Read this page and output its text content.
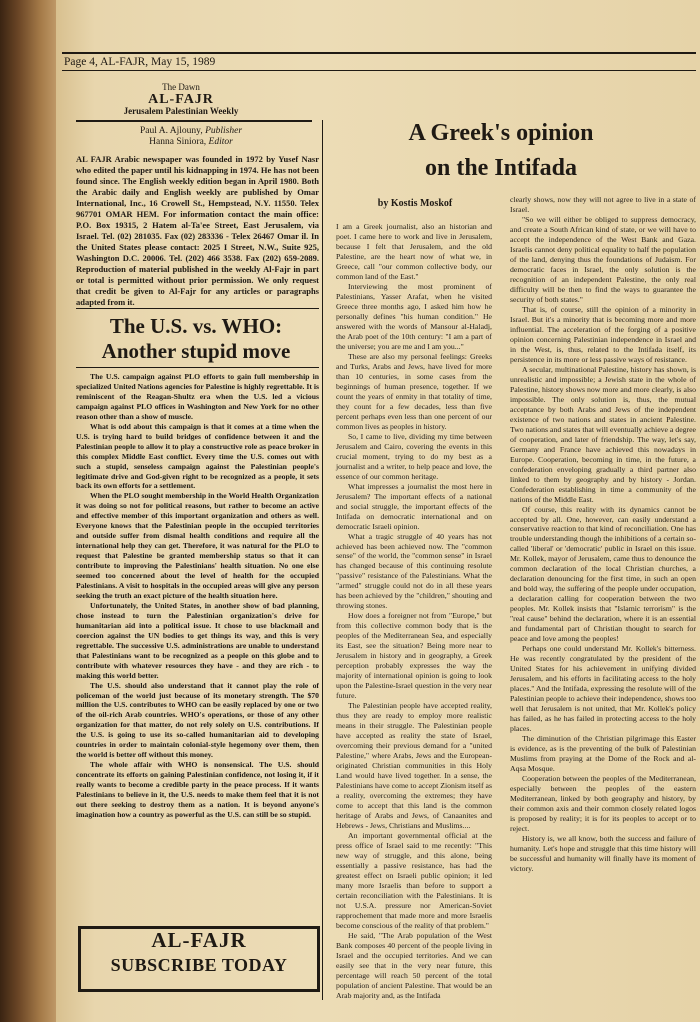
Page 4, AL-FAJR, May 15, 1989
The Dawn
AL-FAJR
Jerusalem Palestinian Weekly
Paul A. Ajlouny, Publisher
Hanna Siniora, Editor
AL FAJR Arabic newspaper was founded in 1972 by Yusef Nasr who edited the paper until his kidnapping in 1974. He has not been found since. The English weekly edition began in April 1980. Both the Arabic daily and English weekly are published by Omar International, Inc., 16 Crowell St., Hempstead, N.Y. 11550. Telex 967701 OMAR HEM. For information contact the main office: P.O. Box 19315, 2 Hatem al-Ta'ee Street, East Jerusalem, via Israel. Tel. (02) 281035. Fax (02) 283336 - Telex 26467 Omar il. In the United States please contact: 2025 I Street, N.W., Suite 925, Washington D.C. 20006. Tel. (202) 466 3538. Fax (202) 659-2089. Reproduction of material published in the weekly Al-Fajr in part or total is permitted without prior permission. We only request that credit be given to Al-Fajr for any articles or paragraphs adapted from it.
The U.S. vs. WHO:
Another stupid move

The U.S. campaign against PLO efforts to gain full membership in specialized United Nations agencies for Palestine is highly regrettable. It is reminiscent of the Reagan-Shultz era when the U.S. led a vicious campaign against PLO offices in Washington and New York for no other reason other than a show of muscle.

What is odd about this campaign is that it comes at a time when the U.S. is trying hard to build bridges of confidence between it and the Palestinian people to allow it to play a constructive role as peace broker in this complex Middle East conflict. Every time the U.S. comes out with such a stupid, senseless campaign against the Palestinian people's legitimate drive and God-given right to be recognized as a people, it sets back its own efforts for a settlement.

When the PLO sought membership in the World Health Organization it was doing so not for political reasons, but rather to become an active and effective member of this important organization and others as well. Everyone knows that the Palestinian people in the occupied territories and outside suffer from dismal health conditions and require all the international help they can get. Therefore, it was natural for the PLO to request that Palestine be granted membership status so that it can contribute to improving the Palestinians' health situation. No one else seemed too concerned about the level of health for the occupied Palestinians. A visit to hospitals in the occupied areas will give any person seeking the truth an exact picture of the health situation here.

Unfortunately, the United States, in another show of bad planning, chose instead to turn the Palestinian organization's drive for humanitarian aid into a political issue. It chose to use blackmail and coercion against the UN bodies to get things its way, and this is very regrettable. The successive U.S. administrations are unable to understand that Palestinians want to be recognized as a people on this globe and to contribute with whatever resources they have - and they are rich - to making this world better.

The U.S. should also understand that it cannot play the role of policeman of the world just because of its monetary strength. The $70 million the U.S. contributes to WHO can be easily replaced by one or two of the oil-rich Arab countries. WHO's operations, or those of any other organization for that matter, do not rely solely on U.S. contributions. If the U.S. is going to use its so-called humanitarian aid to developing countries in order to maintain colonial-style hegemony over them, then the world is better off without this money.

The whole affair with WHO is nonsensical. The U.S. should concentrate its efforts on gaining Palestinian confidence, not losing it, if it really wants to become a credible party in the peace process. If it wants Palestinians to believe in it, the U.S. needs to make them feel that it is not out there seeking to destroy them as a nation. It is beyond anyone's imagination how a country as powerful as the U.S. can still be so stupid.

AL-FAJR
SUBSCRIBE TODAY
A Greek's opinion
on the Intifada
by Kostis Moskof

I am a Greek journalist, also an historian and poet. I came here to work and live in Jerusalem, because I felt that Jerusalem, and the old Palestine, are the heart now of what we, in Greece, call "our common collective body, our common land of the East."

Interviewing the most prominent of Palestinians, Yasser Arafat, when he visited Greece three months ago, I asked him how he personally defines "his human condition." He answered with the words of Mansour al-Haladj, the Arab poet of the 10th century: "I am a part of the universe; you are me and I am you..."

These are also my personal feelings: Greeks and Turks, Arabs and Jews, have lived for more than 10 centuries, in some cases from the beginnings of human presence, together. If we count the years of enmity in that totality of time, they count for a few decades, less than five percent perhaps even less than one percent of our common lives as peoples in history.

So, I came to live, dividing my time between Jerusalem and Cairo, covering the events in this crucial moment, trying to do my best as a journalist and a writer, to help peace and love, the essence of our common heritage.

What impresses a journalist the most here in Jerusalem? The important effects of a national and social struggle, the important effects of the Intifada on democratic international and on democratic Israeli opinion.

What a tragic struggle of 40 years has not achieved has been achieved now. The "common sense" of the world, the "common sense" in Israel has changed because of this continuing resolute "passive" resistance of the Palestinians. What the "armed" struggle could not do in all these years has been achieved by the "children," shouting and throwing stones.

How does a foreigner not from "Europe," but from this collective common body that is the peoples of the Mediterranean Sea, and especially its East, see the situation? Being more near to Jerusalem in history and in geography, a Greek perception probably expresses the way the majority of international opinion is going to look upon the Palestine-Israel question in the very near future.

The Palestinian people have accepted reality, thus they are ready to employ more realistic means in their struggle. The Palestinian people have accepted as reality the state of Israel, overcoming their previous demand for a "united Palestine," where Arabs, Jews and the European-originated Christian communities in this Holy Land would have lived together. In a sense, the Palestinians have come to accept Zionism itself as a reality, overcoming the extremes; they have come to accept that this land is the common heritage of Arabs and Jews, of Canaanites and Hebrews - Jews, Christians and Muslims....

An important governmental official at the press office of Israel said to me recently: "This new way of struggle, and this alone, being essentially a passive resistance, has had the greatest effect on Israeli public opinion; it led many more Israelis than before to support a certain reconciliation with the Palestinians. It is not U.S.A. pressure nor American-Soviet rapprochement that made more and more Israelis become conscious of the reality of that problem."

He said, "The Arab population of the West Bank composes 40 percent of the people living in Israel and the occupied territories. And we can easily see that in the very near future, this percentage will reach 50 percent of the total population of ancient Palestine. That would be an Arab majority and, as the Intifada

clearly shows, now they will not agree to live in a state of Israel.

"So we will either be obliged to suppress democracy, and create a South African kind of state, or we will have to accept the independence of the West Bank and Gaza. Israelis cannot deny political equality to half the population of the land, denying thus the foundations of Judaism. For democratic faces in Israel, the only solution is the recognition of an independent Palestine, the only real difficulty will be then to find the ways to guarantee the security of both states."

That is, of course, still the opinion of a minority in Israel. But it's a minority that is becoming more and more influential. The acceleration of the forging of a positive opinion concerning Palestinian independence in Israel and in the West, is, thus, related to the Intifada itself, its persistence in its more or less passive ways of resistance.

A secular, multinational Palestine, history has shown, is unrealistic and impossible; a Jewish state in the whole of Palestine, history shows now more and more clearly, is also impossible. The only solution is, thus, the mutual acceptance by both Arabs and Jews of the independent existence of two nations and states in ancient Palestine. Two nations and states that will eventually achieve a degree of cooperation, and later of friendship. The way, let's say, Germany and France have achieved this nowadays in Europe. Cooperation, becoming in time, in the future, a confederation enveloping gradually a third partner also linked to them by geography and by history - Jordan. Confederation establishing in time a community of the nations of the Middle East.

Of course, this reality with its dynamics cannot be accepted by all. One, however, can easily understand a conservative reaction to that kind of reconciliation. One has trouble understanding though the inhibitions of a certain so-called 'liberal' or 'democratic' public in Israel on this issue. Mr. Kollek, mayor of Jerusalem, came thus to denounce the common declaration of the local Christian churches, a declaration denouncing for the first time, in such an open and bold way, the suffering of the people under occupation, a declaration calling for cooperation between the two peoples. Mr. Kollek insists that "Islamic terrorism" is the "real cause" behind the declaration, where it is an essential and fundamental part of Christian thought to search for peace and love among the peoples!

Perhaps one could understand Mr. Kollek's bitterness. He was recently congratulated by the president of the United States for his achievement in unifying divided Jerusalem, and his efforts in facilitating access to the holy places." And the Intifada, expressing the resolute will of the Palestinian people to achieve their independence, shows too well that Jerusalem is not united, that Mr. Kollek's policy has failed, as he has failed in protecting access to the holy places.

The diminution of the Christian pilgrimage this Easter is evidence, as is the preventing of the bulk of Palestinian Muslims from praying at the Dome of the Rock and al-Aqsa Mosque.

Cooperation between the peoples of the Mediterranean, especially between the peoples of the eastern Mediterranean, linked by both geography and history, by their common axis and their common closely related logos is proposed by reality; it is for its peoples to accept or to reject.

History is, we all know, both the success and failure of humanity. Let's hope and struggle that this time history will be successful and humanity will finally have its moment of victory.
